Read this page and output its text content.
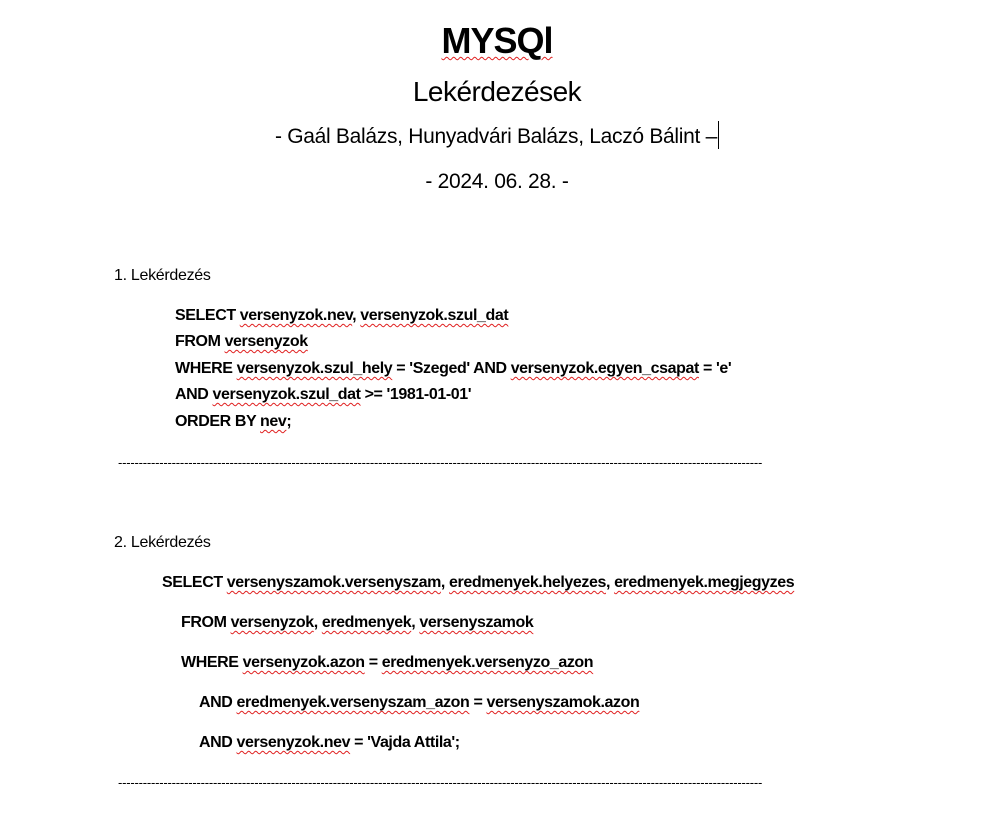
MYSQl
Lekérdezések
- Gaál Balázs, Hunyadvári Balázs, Laczó Bálint –
- 2024. 06. 28. -
1. Lekérdezés
SELECT versenyzok.nev, versenyzok.szul_dat
FROM versenyzok
WHERE versenyzok.szul_hely = 'Szeged' AND versenyzok.egyen_csapat = 'e'
AND versenyzok.szul_dat >= '1981-01-01'
ORDER BY nev;
------------------------------------------------------------------------------------------------------------------------------------------------------------
2. Lekérdezés
SELECT versenyszamok.versenyszam, eredmenyek.helyezes, eredmenyek.megjegyzes
FROM versenyzok, eredmenyek, versenyszamok
WHERE versenyzok.azon = eredmenyek.versenyzo_azon
AND eredmenyek.versenyszam_azon = versenyszamok.azon
AND versenyzok.nev = 'Vajda Attila';
------------------------------------------------------------------------------------------------------------------------------------------------------------
